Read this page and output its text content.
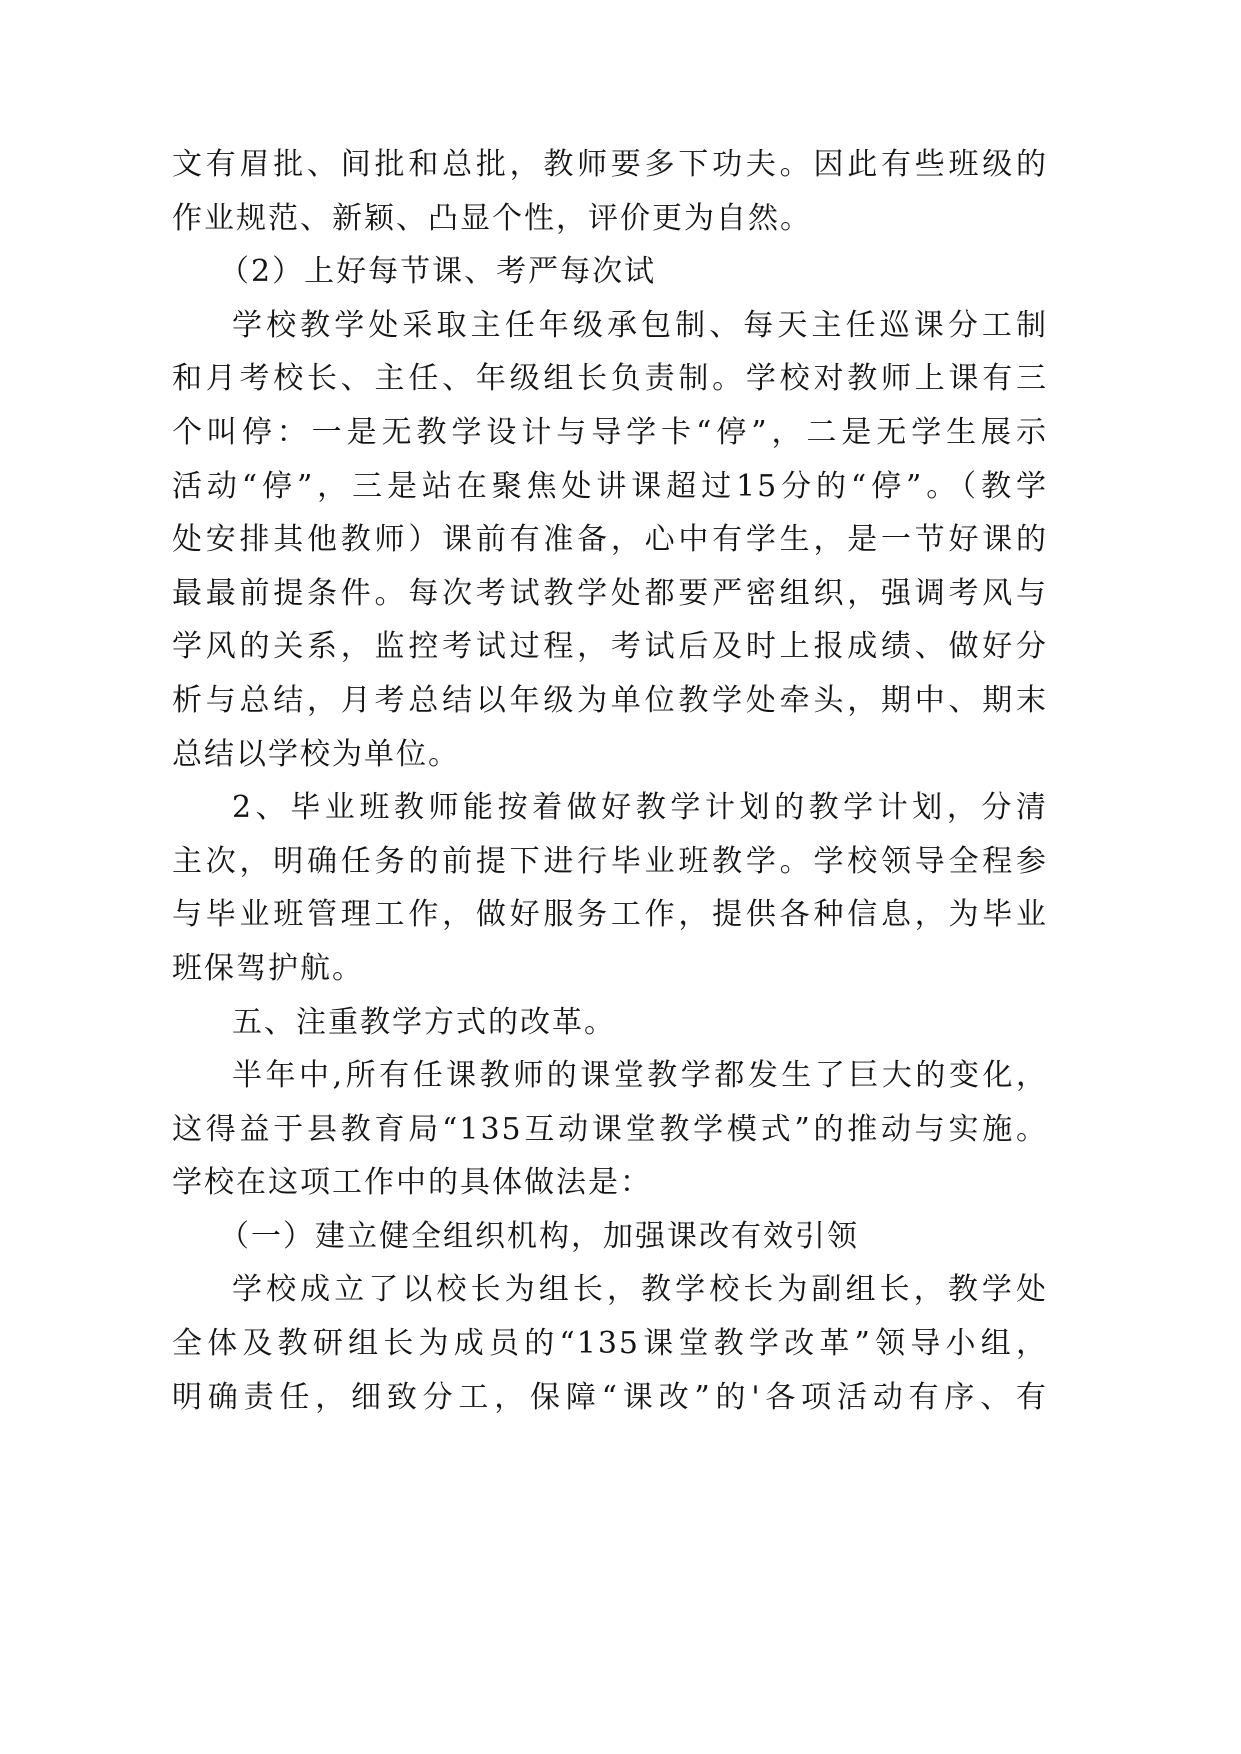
文有眉批、间批和总批，教师要多下功夫。因此有些班级的
作业规范、新颖、凸显个性，评价更为自然。
（2）上好每节课、考严每次试
学校教学处采取主任年级承包制、每天主任巡课分工制
和月考校长、主任、年级组长负责制。学校对教师上课有三
个叫停：一是无教学设计与导学卡“停”，二是无学生展示
活动“停”，三是站在聚焦处讲课超过15分的“停”。（教学
处安排其他教师）课前有准备，心中有学生，是一节好课的
最最前提条件。每次考试教学处都要严密组织，强调考风与
学风的关系，监控考试过程，考试后及时上报成绩、做好分
析与总结，月考总结以年级为单位教学处牵头，期中、期末
总结以学校为单位。
2、毕业班教师能按着做好教学计划的教学计划，分清
主次，明确任务的前提下进行毕业班教学。学校领导全程参
与毕业班管理工作，做好服务工作，提供各种信息，为毕业
班保驾护航。
五、注重教学方式的改革。
半年中,所有任课教师的课堂教学都发生了巨大的变化，
这得益于县教育局“135互动课堂教学模式”的推动与实施。
学校在这项工作中的具体做法是：
（一）建立健全组织机构，加强课改有效引领
学校成立了以校长为组长，教学校长为副组长，教学处
全体及教研组长为成员的“135课堂教学改革”领导小组，
明确责任，细致分工，保障“课改”的'各项活动有序、有
